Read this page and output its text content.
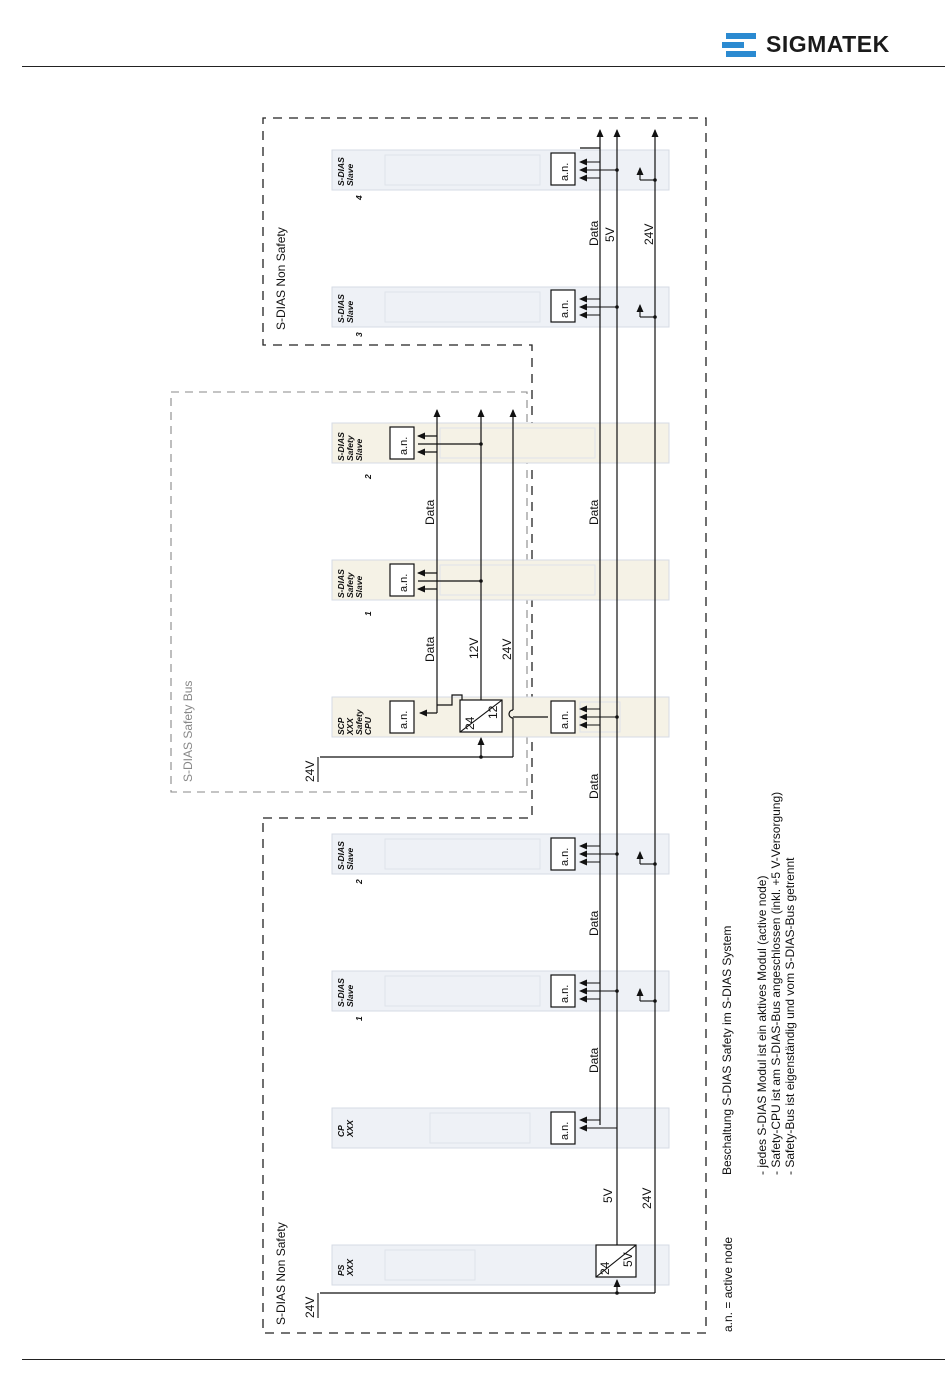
SIGMATEK
S-DIAS Non Safety
S-DIAS Non Safety
S-DIAS Safety Bus
S-DIAS Slave 4
S-DIAS Slave 3
S-DIAS Safety Slave 2
S-DIAS Safety Slave 1
SCP XXX Safety CPU
S-DIAS Slave 2
S-DIAS Slave 1
CP XXX
PS XXX
a.n.
a.n.
a.n.
a.n.
a.n.	a.n.
a.n.
a.n.
a.n.
24
12
24
5V
Data
Data
Data
Data
Data 5V 24V
5V 24V
Data
Data
12V 24V
24V
24V	a.n. = active node
Beschaltung S-DIAS Safety im S-DIAS System - jedes S-DIAS Modul ist ein aktives Modul (active node) - Safety-CPU ist am S-DIAS-Bus angeschlossen (inkl. +5 V-Versorgung) - Safety-Bus ist eigenständig und vom S-DIAS-Bus getrennt
